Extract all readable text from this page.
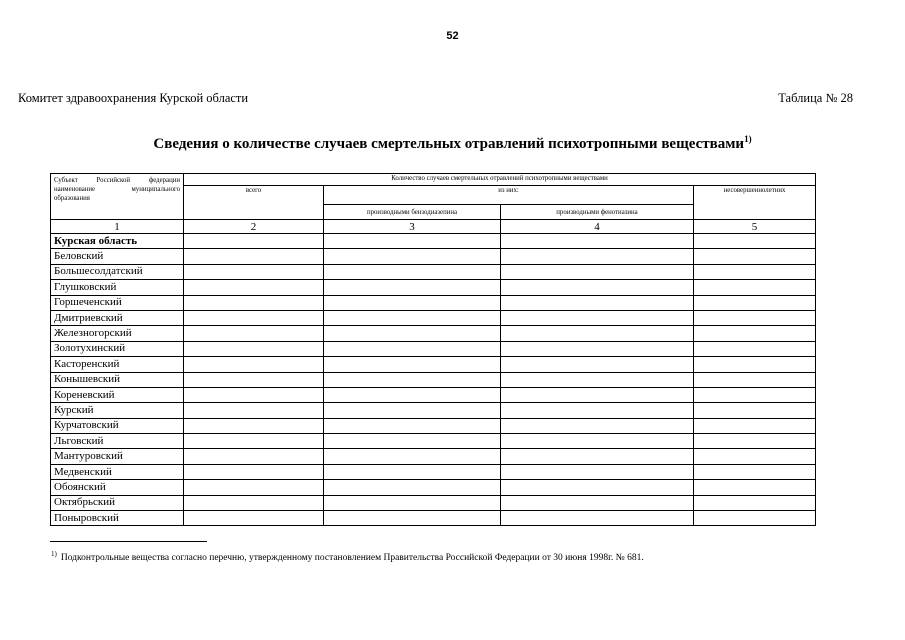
52
Комитет здравоохранения Курской области	Таблица № 28
Сведения о количестве случаев смертельных отравлений психотропными веществами$^{1)}$
Субъект Российской федерации наименование муниципального образования	Количество случаев смертельных отравлений психотропными веществами			
	всего	из них:		несовершеннолетних
		производными бензодиазепина	производными фенотиазина	
1	2	3	4	5
Курская область				
Беловский				
Большесолдатский				
Глушковский				
Горшеченский				
Дмитриевский				
Железногорский				
Золотухинский				
Касторенский				
Конышевский				
Кореневский				
Курский				
Курчатовский				
Льговский				
Мантуровский				
Медвенский				
Обоянский				
Октябрьский				
Поныровский				
$^{1)}$ Подконтрольные вещества согласно перечню, утвержденному постановлением Правительства Российской Федерации от 30 июня 1998г. № 681.
